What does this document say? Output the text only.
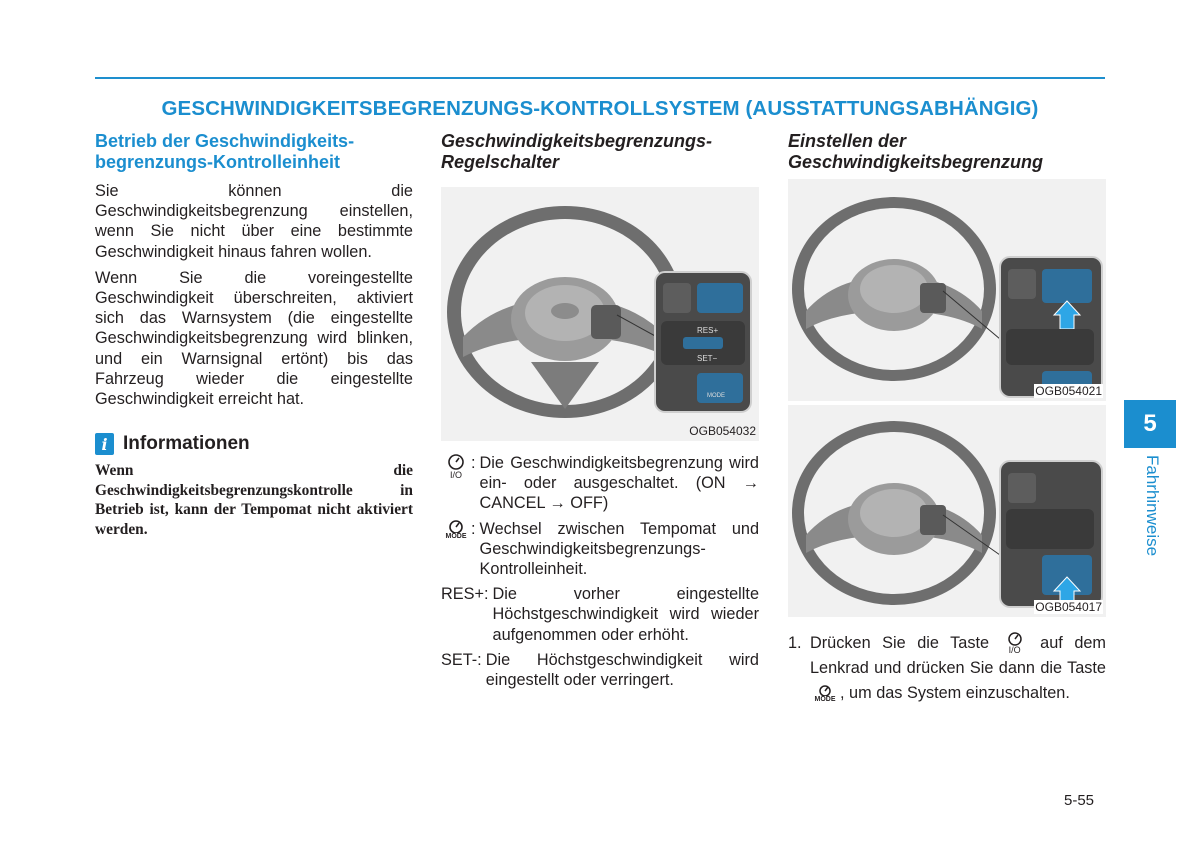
GESCHWINDIGKEITSBEGRENZUNGS-KONTROLLSYSTEM (AUSSTATTUNGSABHÄNGIG)
Betrieb der Geschwindigkeits-begrenzungs-Kontrolleinheit

Sie können die Geschwindigkeitsbegrenzung einstellen, wenn Sie nicht über eine bestimmte Geschwindigkeit hinaus fahren wollen.

Wenn Sie die voreingestellte Geschwindigkeit überschreiten, aktiviert sich das Warnsystem (die eingestellte Geschwindigkeitsbegrenzung wird blinken, und ein Warnsignal ertönt) bis das Fahrzeug wieder die eingestellte Geschwindigkeit erreicht hat.

i Informationen
Wenn die Geschwindigkeitsbegrenzungskontrolle in Betrieb ist, kann der Tempomat nicht aktiviert werden.
Geschwindigkeitsbegrenzungs-Regelschalter
RES+
SET−
MODE
OGB054032
I/O
: Die Geschwindigkeitsbegrenzung wird ein- oder ausgeschaltet. (ON → CANCEL → OFF)
MODE : Wechsel zwischen Tempomat und Geschwindigkeitsbegrenzungs-Kontrolleinheit.
RES+: Die vorher eingestellte Höchstgeschwindigkeit wird wieder aufgenommen oder erhöht.
SET-: Die Höchstgeschwindigkeit wird eingestellt oder verringert.
Einstellen der Geschwindigkeitsbegrenzung
OGB054021
OGB054017
1. Drücken Sie die Taste I/O auf dem Lenkrad und drücken Sie dann die Taste
MODE , um das System einzuschalten.
5
Fahrhinweise
5-55
